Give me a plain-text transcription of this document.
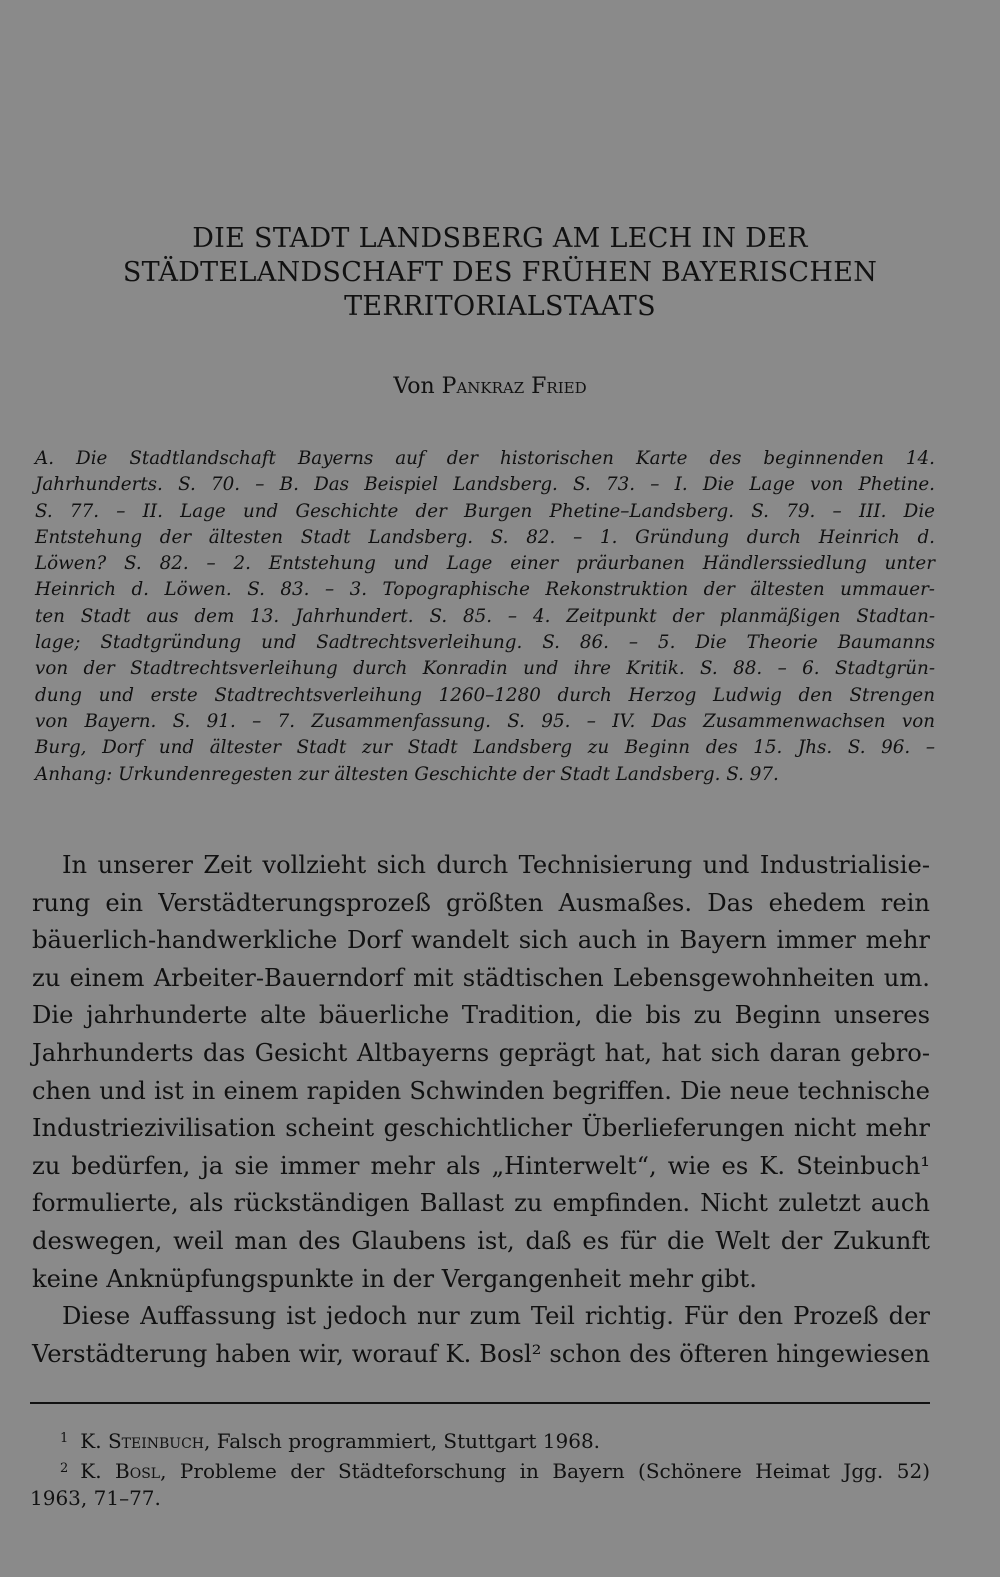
DIE STADT LANDSBERG AM LECH IN DER
STÄDTELANDSCHAFT DES FRÜHEN BAYERISCHEN
TERRITORIALSTAATS
Von Pankraz Fried
A. Die Stadtlandschaft Bayerns auf der historischen Karte des beginnenden 14.
Jahrhunderts. S. 70. – B. Das Beispiel Landsberg. S. 73. – I. Die Lage von Phetine.
S. 77. – II. Lage und Geschichte der Burgen Phetine–Landsberg. S. 79. – III. Die
Entstehung der ältesten Stadt Landsberg. S. 82. – 1. Gründung durch Heinrich d.
Löwen? S. 82. – 2. Entstehung und Lage einer präurbanen Händlerssiedlung unter
Heinrich d. Löwen. S. 83. – 3. Topographische Rekonstruktion der ältesten ummauer-
ten Stadt aus dem 13. Jahrhundert. S. 85. – 4. Zeitpunkt der planmäßigen Stadtan-
lage; Stadtgründung und Sadtrechtsverleihung. S. 86. – 5. Die Theorie Baumanns
von der Stadtrechtsverleihung durch Konradin und ihre Kritik. S. 88. – 6. Stadtgrün-
dung und erste Stadtrechtsverleihung 1260–1280 durch Herzog Ludwig den Strengen
von Bayern. S. 91. – 7. Zusammenfassung. S. 95. – IV. Das Zusammenwachsen von
Burg, Dorf und ältester Stadt zur Stadt Landsberg zu Beginn des 15. Jhs. S. 96. –
Anhang: Urkundenregesten zur ältesten Geschichte der Stadt Landsberg. S. 97.
In unserer Zeit vollzieht sich durch Technisierung und Industrialisie-
rung ein Verstädterungsprozeß größten Ausmaßes. Das ehedem rein
bäuerlich-handwerkliche Dorf wandelt sich auch in Bayern immer mehr
zu einem Arbeiter-Bauerndorf mit städtischen Lebensgewohnheiten um.
Die jahrhunderte alte bäuerliche Tradition, die bis zu Beginn unseres
Jahrhunderts das Gesicht Altbayerns geprägt hat, hat sich daran gebro-
chen und ist in einem rapiden Schwinden begriffen. Die neue technische
Industriezivilisation scheint geschichtlicher Überlieferungen nicht mehr
zu bedürfen, ja sie immer mehr als „Hinterwelt“, wie es K. Steinbuch¹
formulierte, als rückständigen Ballast zu empfinden. Nicht zuletzt auch
deswegen, weil man des Glaubens ist, daß es für die Welt der Zukunft
keine Anknüpfungspunkte in der Vergangenheit mehr gibt.
Diese Auffassung ist jedoch nur zum Teil richtig. Für den Prozeß der
Verstädterung haben wir, worauf K. Bosl² schon des öfteren hingewiesen
$^1$ K. Steinbuch, Falsch programmiert, Stuttgart 1968.
$^2$ K. Bosl, Probleme der Städteforschung in Bayern (Schönere Heimat Jgg. 52)
1963, 71–77.
